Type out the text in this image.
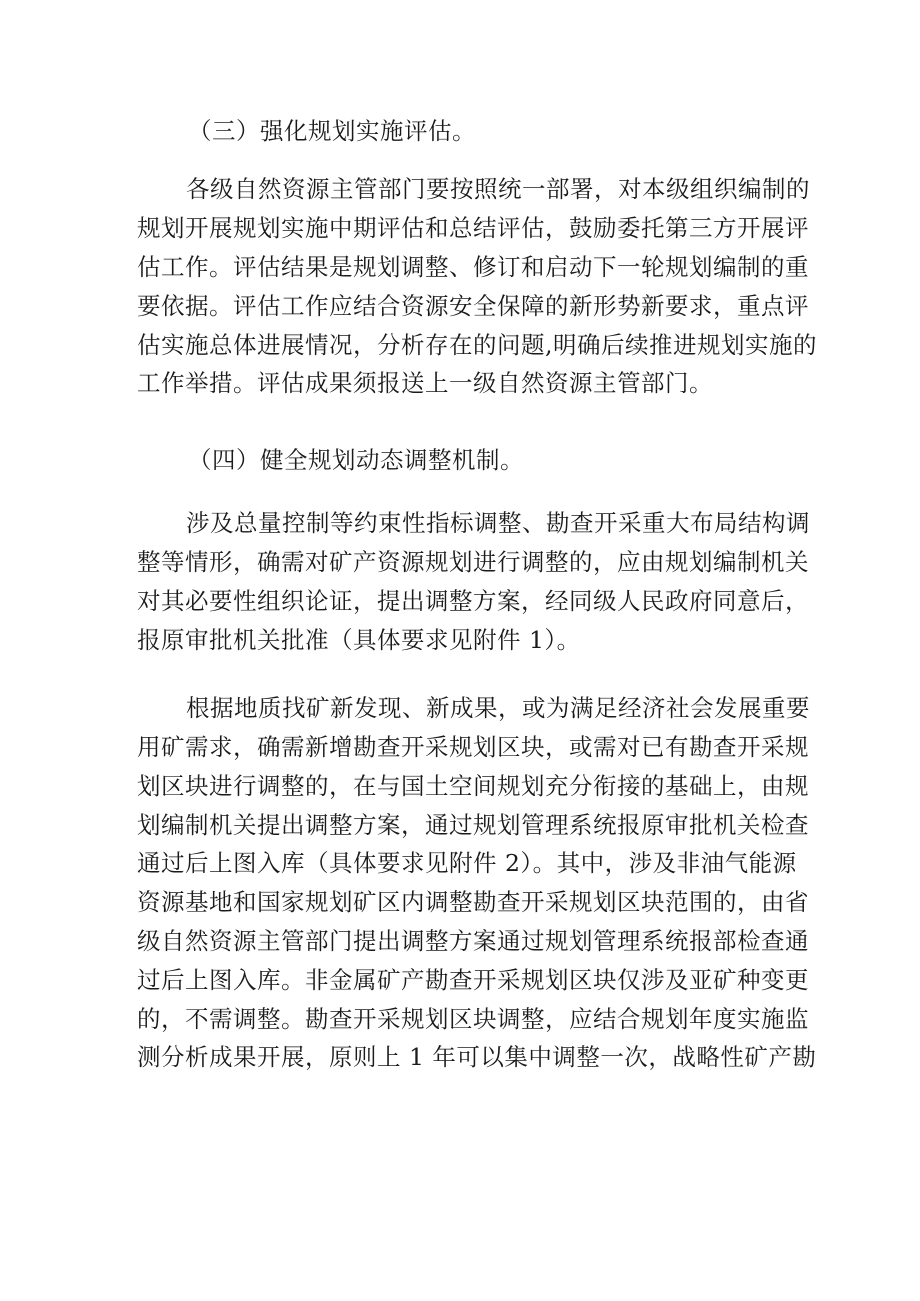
（三）强化规划实施评估。
各级自然资源主管部门要按照统一部署，对本级组织编制的
规划开展规划实施中期评估和总结评估，鼓励委托第三方开展评
估工作。评估结果是规划调整、修订和启动下一轮规划编制的重
要依据。评估工作应结合资源安全保障的新形势新要求，重点评
估实施总体进展情况，分析存在的问题,明确后续推进规划实施的
工作举措。评估成果须报送上一级自然资源主管部门。
（四）健全规划动态调整机制。
涉及总量控制等约束性指标调整、勘查开采重大布局结构调
整等情形，确需对矿产资源规划进行调整的，应由规划编制机关
对其必要性组织论证，提出调整方案，经同级人民政府同意后，
报原审批机关批准（具体要求见附件 1）。
根据地质找矿新发现、新成果，或为满足经济社会发展重要
用矿需求，确需新增勘查开采规划区块，或需对已有勘查开采规
划区块进行调整的，在与国土空间规划充分衔接的基础上，由规
划编制机关提出调整方案，通过规划管理系统报原审批机关检查
通过后上图入库（具体要求见附件 2）。其中，涉及非油气能源
资源基地和国家规划矿区内调整勘查开采规划区块范围的，由省
级自然资源主管部门提出调整方案通过规划管理系统报部检查通
过后上图入库。非金属矿产勘查开采规划区块仅涉及亚矿种变更
的，不需调整。勘查开采规划区块调整，应结合规划年度实施监
测分析成果开展，原则上 1 年可以集中调整一次，战略性矿产勘
